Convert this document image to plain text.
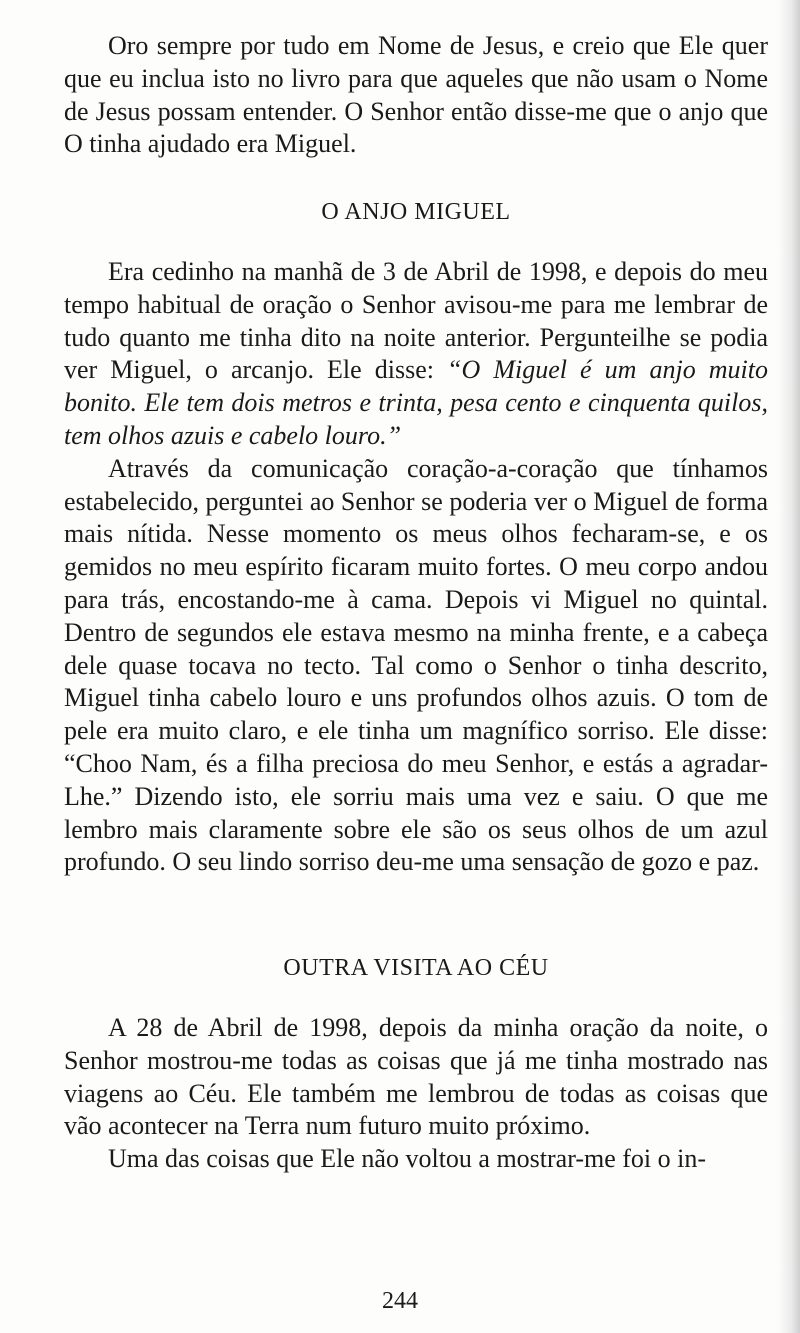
Oro sempre por tudo em Nome de Jesus, e creio que Ele quer que eu inclua isto no livro para que aqueles que não usam o Nome de Jesus possam entender. O Senhor então disse-me que o anjo que O tinha ajudado era Miguel.

O ANJO MIGUEL

Era cedinho na manhã de 3 de Abril de 1998, e depois do meu tempo habitual de oração o Senhor avisou-me para me lembrar de tudo quanto me tinha dito na noite anterior. Pergunteilhe se podia ver Miguel, o arcanjo. Ele disse: “O Miguel é um anjo muito bonito. Ele tem dois metros e trinta, pesa cento e cinquenta quilos, tem olhos azuis e cabelo louro.”

Através da comunicação coração-a-coração que tínhamos estabelecido, perguntei ao Senhor se poderia ver o Miguel de forma mais nítida. Nesse momento os meus olhos fecharam-se, e os gemidos no meu espírito ficaram muito fortes. O meu corpo andou para trás, encostando-me à cama. Depois vi Miguel no quintal. Dentro de segundos ele estava mesmo na minha frente, e a cabeça dele quase tocava no tecto. Tal como o Senhor o tinha descrito, Miguel tinha cabelo louro e uns profundos olhos azuis. O tom de pele era muito claro, e ele tinha um magnífico sorriso. Ele disse: “Choo Nam, és a filha preciosa do meu Senhor, e estás a agradar-Lhe.” Dizendo isto, ele sorriu mais uma vez e saiu. O que me lembro mais claramente sobre ele são os seus olhos de um azul profundo. O seu lindo sorriso deu-me uma sensação de gozo e paz.

OUTRA VISITA AO CÉU

A 28 de Abril de 1998, depois da minha oração da noite, o Senhor mostrou-me todas as coisas que já me tinha mostrado nas viagens ao Céu. Ele também me lembrou de todas as coisas que vão acontecer na Terra num futuro muito próximo.

Uma das coisas que Ele não voltou a mostrar-me foi o in-

244
